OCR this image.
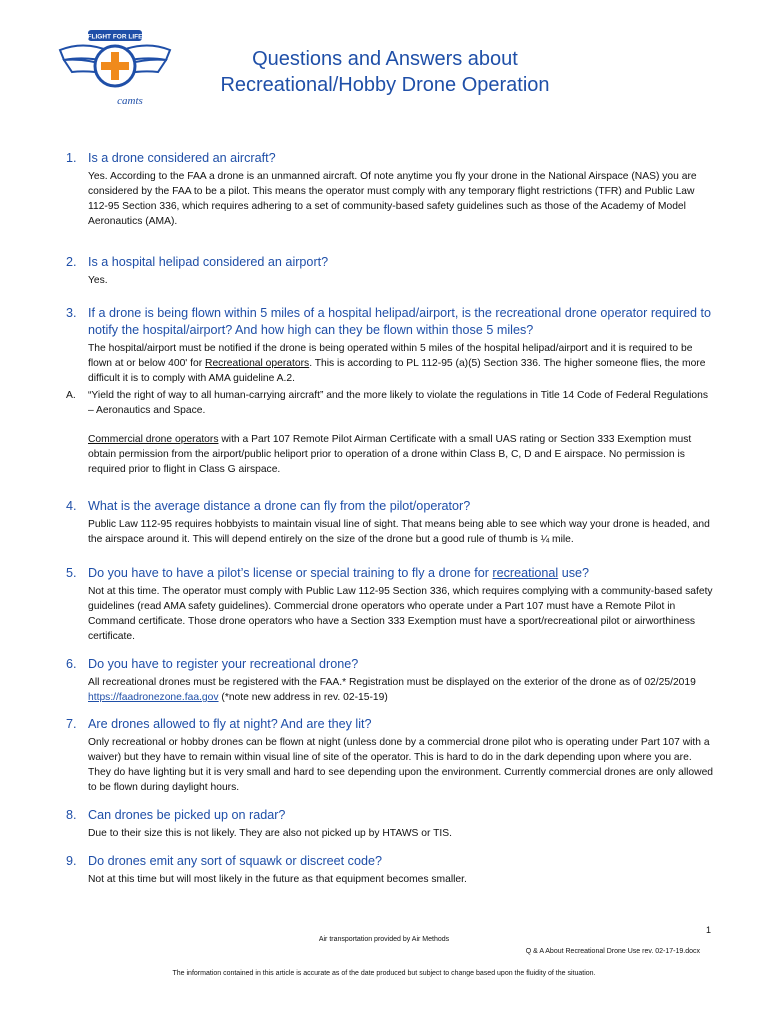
FLIGHT FOR LIFE
camts
Questions and Answers about
Recreational/Hobby Drone Operation
1. Is a drone considered an aircraft?
Yes. According to the FAA a drone is an unmanned aircraft. Of note anytime you fly your drone in the National Airspace (NAS) you are considered by the FAA to be a pilot. This means the operator must comply with any temporary flight restrictions (TFR) and Public Law 112-95 Section 336, which requires adhering to a set of community-based safety guidelines such as those of the Academy of Model Aeronautics (AMA).
2. Is a hospital helipad considered an airport?
Yes.
3. If a drone is being flown within 5 miles of a hospital helipad/airport, is the recreational drone operator required to notify the hospital/airport? And how high can they be flown within those 5 miles?
The hospital/airport must be notified if the drone is being operated within 5 miles of the hospital helipad/airport and it is required to be flown at or below 400' for Recreational operators. This is according to PL 112-95 (a)(5) Section 336. The higher someone flies, the more difficult it is to comply with AMA guideline A.2.
A.	“Yield the right of way to all human-carrying aircraft” and the more likely to violate the regulations in Title 14 Code of Federal Regulations – Aeronautics and Space.
Commercial drone operators with a Part 107 Remote Pilot Airman Certificate with a small UAS rating or Section 333 Exemption must obtain permission from the airport/public heliport prior to operation of a drone within Class B, C, D and E airspace. No permission is required prior to flight in Class G airspace.
4. What is the average distance a drone can fly from the pilot/operator?
Public Law 112-95 requires hobbyists to maintain visual line of sight. That means being able to see which way your drone is headed, and the airspace around it. This will depend entirely on the size of the drone but a good rule of thumb is ¼ mile.
5. Do you have to have a pilot’s license or special training to fly a drone for recreational use?
Not at this time. The operator must comply with Public Law 112-95 Section 336, which requires complying with a community-based safety guidelines (read AMA safety guidelines). Commercial drone operators who operate under a Part 107 must have a Remote Pilot in Command certificate. Those drone operators who have a Section 333 Exemption must have a sport/recreational pilot or airworthiness certificate.
6. Do you have to register your recreational drone?
All recreational drones must be registered with the FAA.* Registration must be displayed on the exterior of the drone as of 02/25/2019 https://faadronezone.faa.gov (*note new address in rev. 02-15-19)
7. Are drones allowed to fly at night? And are they lit?
Only recreational or hobby drones can be flown at night (unless done by a commercial drone pilot who is operating under Part 107 with a waiver) but they have to remain within visual line of site of the operator. This is hard to do in the dark depending upon where you are. They do have lighting but it is very small and hard to see depending upon the environment. Currently commercial drones are only allowed to be flown during daylight hours.
8. Can drones be picked up on radar?
Due to their size this is not likely. They are also not picked up by HTAWS or TIS.
9. Do drones emit any sort of squawk or discreet code?
Not at this time but will most likely in the future as that equipment becomes smaller.
1
Air transportation provided by Air Methods
Q & A About Recreational Drone Use rev. 02-17-19.docx
The information contained in this article is accurate as of the date produced but subject to change based upon the fluidity of the situation.
